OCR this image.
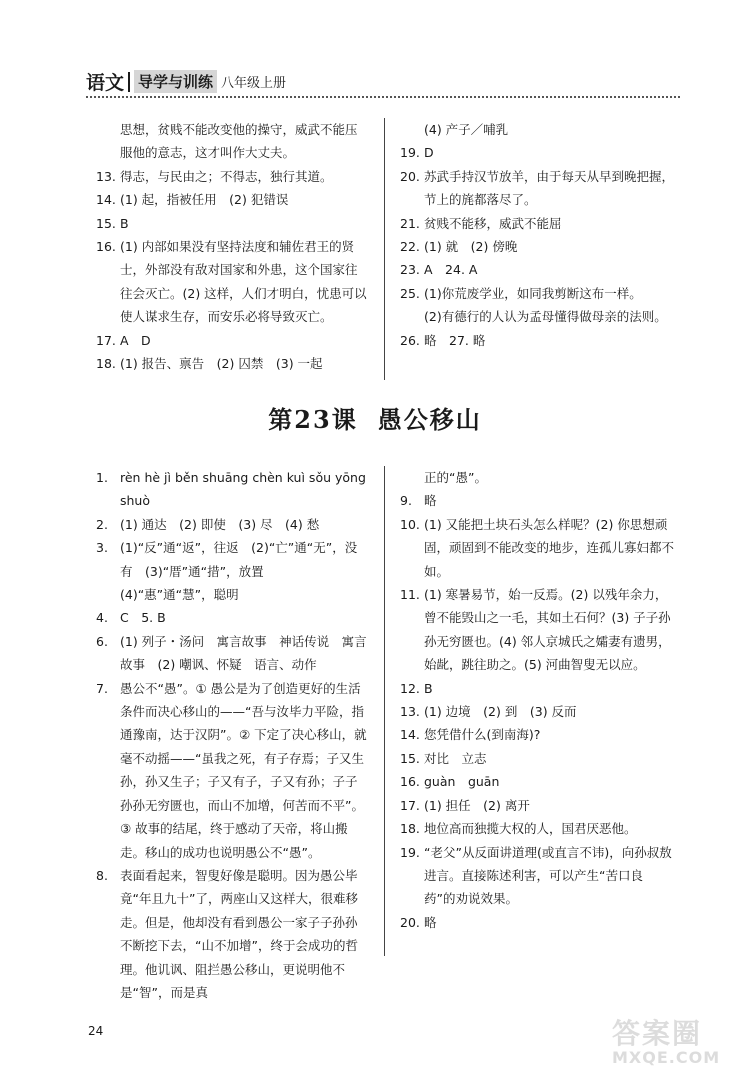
语文 导学与训练 八年级上册
思想，贫贱不能改变他的操守，威武不能压服他的意志，这才叫作大丈夫。
13. 得志，与民由之；不得志，独行其道。
14. (1) 起，指被任用　(2) 犯错误
15. B
16. (1) 内部如果没有坚持法度和辅佐君王的贤士，外部没有敌对国家和外患，这个国家往往会灭亡。(2) 这样，人们才明白，忧患可以使人谋求生存，而安乐必将导致灭亡。
17. A　D
18. (1) 报告、禀告　(2) 囚禁　(3) 一起
(4) 产子／哺乳
19. D
20. 苏武手持汉节放羊，由于每天从早到晚把握，节上的旄都落尽了。
21. 贫贱不能移，威武不能屈
22. (1) 就　(2) 傍晚
23. A　24. A
25. (1)你荒废学业，如同我剪断这布一样。
(2)有德行的人认为孟母懂得做母亲的法则。
26. 略　27. 略
第23课 愚公移山
1. rèn hè jì běn shuāng chèn kuì sǒu yōng shuò
2. (1) 通达　(2) 即使　(3) 尽　(4) 愁
3. (1)“反”通“返”，往返　(2)“亡”通“无”，没有　(3)“厝”通“措”，放置　(4)“惠”通“慧”，聪明
4. C　5. B
6. (1) 列子・汤问　寓言故事　神话传说　寓言故事　(2) 嘲讽、怀疑　语言、动作
7. 愚公不“愚”。① 愚公是为了创造更好的生活条件而决心移山的——“吾与汝毕力平险，指通豫南，达于汉阴”。② 下定了决心移山，就毫不动摇——“虽我之死，有子存焉；子又生孙，孙又生子；子又有子，子又有孙；子子孙孙无穷匮也，而山不加增，何苦而不平”。③ 故事的结尾，终于感动了天帝，将山搬走。移山的成功也说明愚公不“愚”。
8. 表面看起来，智叟好像是聪明。因为愚公毕竟“年且九十”了，两座山又这样大，很难移走。但是，他却没有看到愚公一家子子孙孙不断挖下去，“山不加增”，终于会成功的哲理。他讥讽、阻拦愚公移山，更说明他不是“智”，而是真
正的“愚”。
9. 略
10. (1) 又能把土块石头怎么样呢？(2) 你思想顽固，顽固到不能改变的地步，连孤儿寡妇都不如。
11. (1) 寒暑易节，始一反焉。(2) 以残年余力，曾不能毁山之一毛，其如土石何？(3) 子子孙孙无穷匮也。(4) 邻人京城氏之孀妻有遗男，始龀，跳往助之。(5) 河曲智叟无以应。
12. B
13. (1) 边境　(2) 到　(3) 反而
14. 您凭借什么(到南海)?
15. 对比　立志
16. guàn　guān
17. (1) 担任　(2) 离开
18. 地位高而独揽大权的人，国君厌恶他。
19. “老父”从反面讲道理(或直言不讳)，向孙叔敖进言。直接陈述利害，可以产生“苦口良药”的劝说效果。
20. 略
24	答案圈
MXQE.COM
